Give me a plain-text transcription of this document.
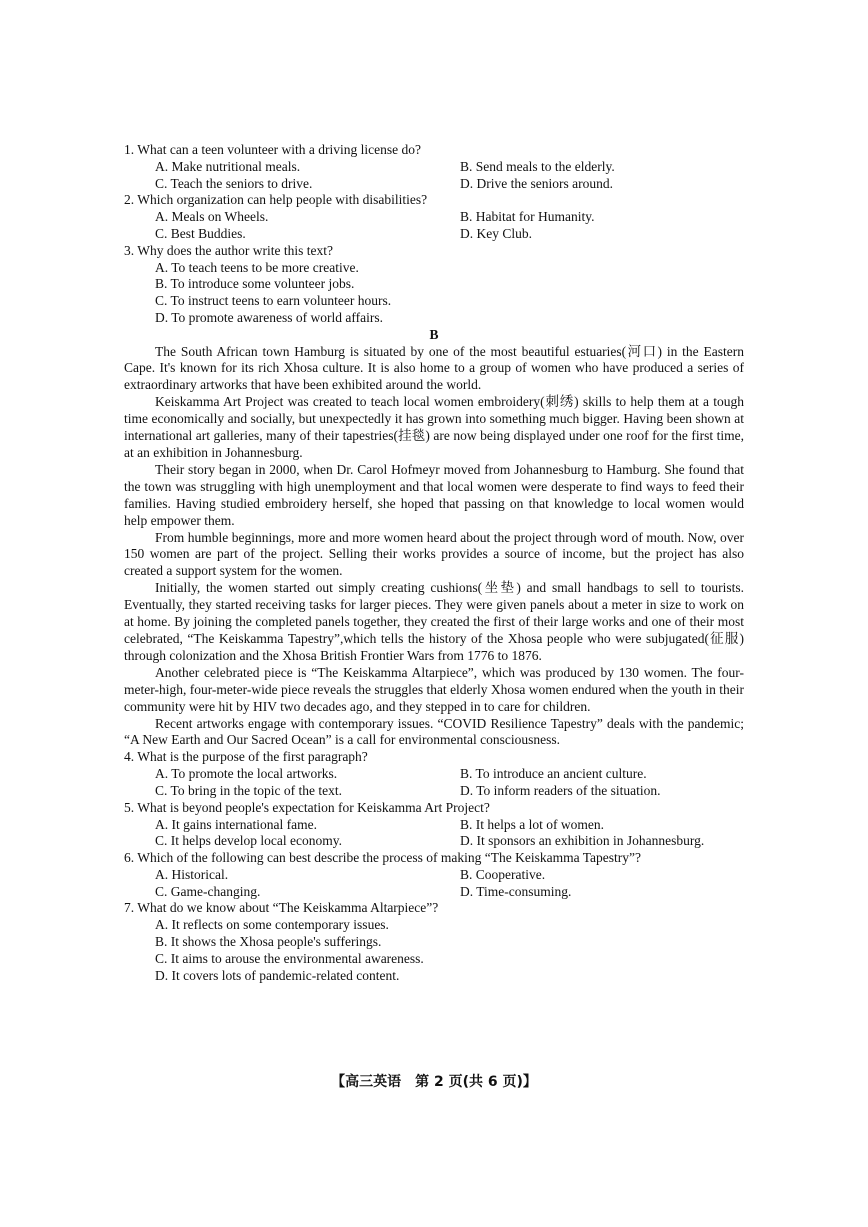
1. What can a teen volunteer with a driving license do?

A. Make nutritional meals.	B. Send meals to the elderly.
C. Teach the seniors to drive.	D. Drive the seniors around.

2. Which organization can help people with disabilities?

A. Meals on Wheels.	B. Habitat for Humanity.
C. Best Buddies.	D. Key Club.

3. Why does the author write this text?

A. To teach teens to be more creative.
B. To introduce some volunteer jobs.
C. To instruct teens to earn volunteer hours.
D. To promote awareness of world affairs.

B

The South African town Hamburg is situated by one of the most beautiful estuaries(河口) in the Eastern Cape. It's known for its rich Xhosa culture. It is also home to a group of women who have produced a series of extraordinary artworks that have been exhibited around the world.

Keiskamma Art Project was created to teach local women embroidery(刺绣) skills to help them at a tough time economically and socially, but unexpectedly it has grown into something much bigger. Having been shown at international art galleries, many of their tapestries(挂毯) are now being displayed under one roof for the first time, at an exhibition in Johannesburg.

Their story began in 2000, when Dr. Carol Hofmeyr moved from Johannesburg to Hamburg. She found that the town was struggling with high unemployment and that local women were desperate to find ways to feed their families. Having studied embroidery herself, she hoped that passing on that knowledge to local women would help empower them.

From humble beginnings, more and more women heard about the project through word of mouth. Now, over 150 women are part of the project. Selling their works provides a source of income, but the project has also created a support system for the women.

Initially, the women started out simply creating cushions(坐垫) and small handbags to sell to tourists. Eventually, they started receiving tasks for larger pieces. They were given panels about a meter in size to work on at home. By joining the completed panels together, they created the first of their large works and one of their most celebrated, “The Keiskamma Tapestry”,which tells the history of the Xhosa people who were subjugated(征服) through colonization and the Xhosa British Frontier Wars from 1776 to 1876.

Another celebrated piece is “The Keiskamma Altarpiece”, which was produced by 130 women. The four-meter-high, four-meter-wide piece reveals the struggles that elderly Xhosa women endured when the youth in their community were hit by HIV two decades ago, and they stepped in to care for children.

Recent artworks engage with contemporary issues. “COVID Resilience Tapestry” deals with the pandemic; “A New Earth and Our Sacred Ocean” is a call for environmental consciousness.

4. What is the purpose of the first paragraph?

A. To promote the local artworks.	B. To introduce an ancient culture.
C. To bring in the topic of the text.	D. To inform readers of the situation.

5. What is beyond people's expectation for Keiskamma Art Project?

A. It gains international fame.	B. It helps a lot of women.
C. It helps develop local economy.	D. It sponsors an exhibition in Johannesburg.

6. Which of the following can best describe the process of making “The Keiskamma Tapestry”?

A. Historical.	B. Cooperative.
C. Game-changing.	D. Time-consuming.

7. What do we know about “The Keiskamma Altarpiece”?

A. It reflects on some contemporary issues.
B. It shows the Xhosa people's sufferings.
C. It aims to arouse the environmental awareness.
D. It covers lots of pandemic-related content.
【高三英语　第 2 页(共 6 页)】
